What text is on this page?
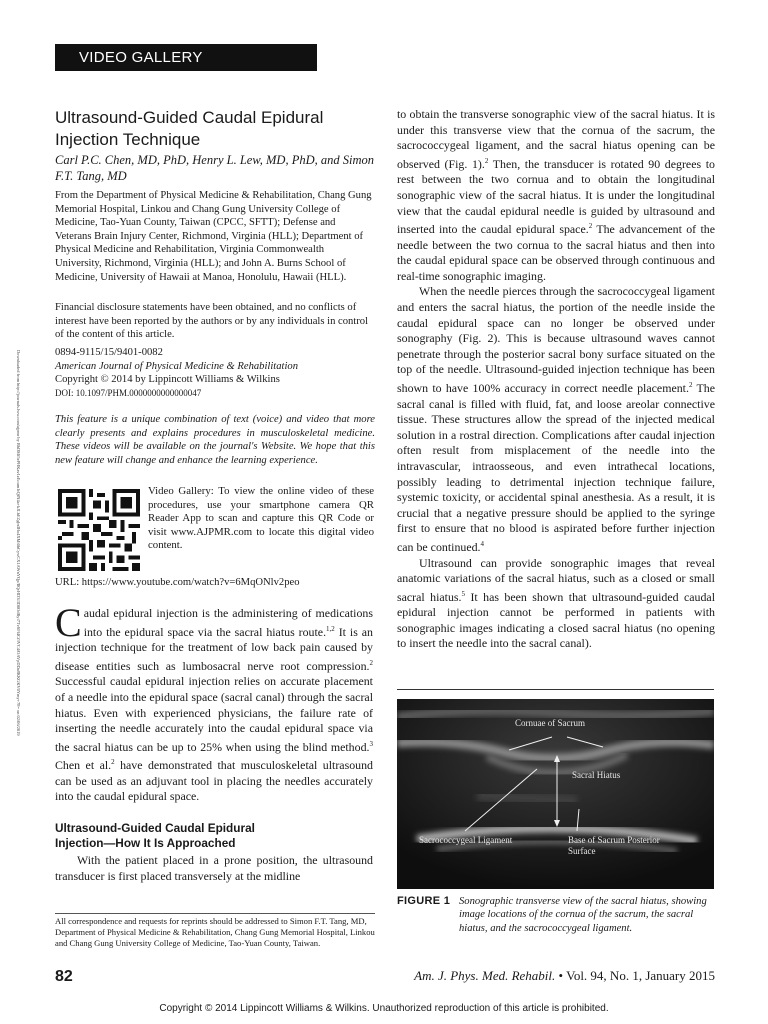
VIDEO GALLERY
Ultrasound-Guided Caudal Epidural Injection Technique
Carl P.C. Chen, MD, PhD, Henry L. Lew, MD, PhD, and Simon F.T. Tang, MD
From the Department of Physical Medicine & Rehabilitation, Chang Gung Memorial Hospital, Linkou and Chang Gung University College of Medicine, Tao-Yuan County, Taiwan (CPCC, SFTT); Defense and Veterans Brain Injury Center, Richmond, Virginia (HLL); Department of Physical Medicine and Rehabilitation, Virginia Commonwealth University, Richmond, Virginia (HLL); and John A. Burns School of Medicine, University of Hawaii at Manoa, Honolulu, Hawaii (HLL).
Financial disclosure statements have been obtained, and no conflicts of interest have been reported by the authors or by any individuals in control of the content of this article.
0894-9115/15/9401-0082
American Journal of Physical Medicine & Rehabilitation
Copyright © 2014 by Lippincott Williams & Wilkins
DOI: 10.1097/PHM.0000000000000047
This feature is a unique combination of text (voice) and video that more clearly presents and explains procedures in musculoskeletal medicine. These videos will be available on the journal's Website. We hope that this new feature will change and enhance the learning experience.
Video Gallery: To view the online video of these procedures, use your smartphone camera QR Reader App to scan and capture this QR Code or visit www.AJPMR.com to locate this digital video content.
URL: https://www.youtube.com/watch?v=6MqONlv2peo

Caudal epidural injection is the administering of medications into the epidural space via the sacral hiatus route.$^{1,2}$ It is an injection technique for the treatment of low back pain caused by disease entities such as lumbosacral nerve root compression.$^2$ Successful caudal epidural injection relies on accurate placement of a needle into the epidural space (sacral canal) through the sacral hiatus. Even with experienced physicians, the failure rate of inserting the needle accurately into the caudal epidural space via the sacral hiatus can be up to 25% when using the blind method.$^3$ Chen et al.$^2$ have demonstrated that musculoskeletal ultrasound can be used as an adjuvant tool in placing the needles accurately into the caudal epidural space.

Ultrasound-Guided Caudal Epidural
Injection—How It Is Approached

With the patient placed in a prone position, the ultrasound transducer is first placed transversely at the midline

All correspondence and requests for reprints should be addressed to Simon F.T. Tang, MD, Department of Physical Medicine & Rehabilitation, Chang Gung Memorial Hospital, Linkou and Chang Gung University College of Medicine, Tao-Yuan County, Taiwan.
Downloaded from http://journals.lww.com/ajpmr by BhDMf5ePHKav1zEoum1tQfN4a+kJLhEZgbsIHo4XMi0hCywCX1AWnYQp/IlQrHD3i3D0OdRyi7TvSFl4Cf3VC4/OAVpDDa8KKGKV0Ymy+78= on 02/06/2019

to obtain the transverse sonographic view of the sacral hiatus. It is under this transverse view that the cornua of the sacrum, the sacrococcygeal ligament, and the sacral hiatus opening can be observed (Fig. 1).$^2$ Then, the transducer is rotated 90 degrees to rest between the two cornua and to obtain the longitudinal sonographic view of the sacral hiatus. It is under the longitudinal view that the caudal epidural needle is guided by ultrasound and inserted into the caudal epidural space.$^2$ The advancement of the needle between the two cornua to the sacral hiatus and then into the caudal epidural space can be observed through continuous and real-time sonographic imaging.

When the needle pierces through the sacrococcygeal ligament and enters the sacral hiatus, the portion of the needle inside the caudal epidural space can no longer be observed under sonography (Fig. 2). This is because ultrasound waves cannot penetrate through the posterior sacral bony surface situated on the top of the needle. Ultrasound-guided injection technique has been shown to have 100% accuracy in correct needle placement.$^2$ The sacral canal is filled with fluid, fat, and loose areolar connective tissue. These structures allow the spread of the injected medical solution in a rostral direction. Complications after caudal injection often result from misplacement of the needle into the intravascular, intraosseous, and even intrathecal locations, possibly leading to detrimental injection technique failure, systemic toxicity, or accidental spinal anesthesia. As a result, it is crucial that a negative pressure should be applied to the syringe first to ensure that no blood is aspirated before further injection can be continued.$^4$

Ultrasound can provide sonographic images that reveal anatomic variations of the sacral hiatus, such as a closed or small sacral hiatus.$^5$ It has been shown that ultrasound-guided caudal epidural injection cannot be performed in patients with sonographic images indicating a closed sacral hiatus (no opening to insert the needle into the sacral canal).

Cornuae of Sacrum
Sacral Hiatus
Sacrococcygeal Ligament	Base of Sacrum Posterior Surface
FIGURE 1 Sonographic transverse view of the sacral hiatus, showing image locations of the cornua of the sacrum, the sacral hiatus, and the sacrococcygeal ligament.
82	Am. J. Phys. Med. Rehabil. • Vol. 94, No. 1, January 2015
Copyright © 2014 Lippincott Williams & Wilkins. Unauthorized reproduction of this article is prohibited.
